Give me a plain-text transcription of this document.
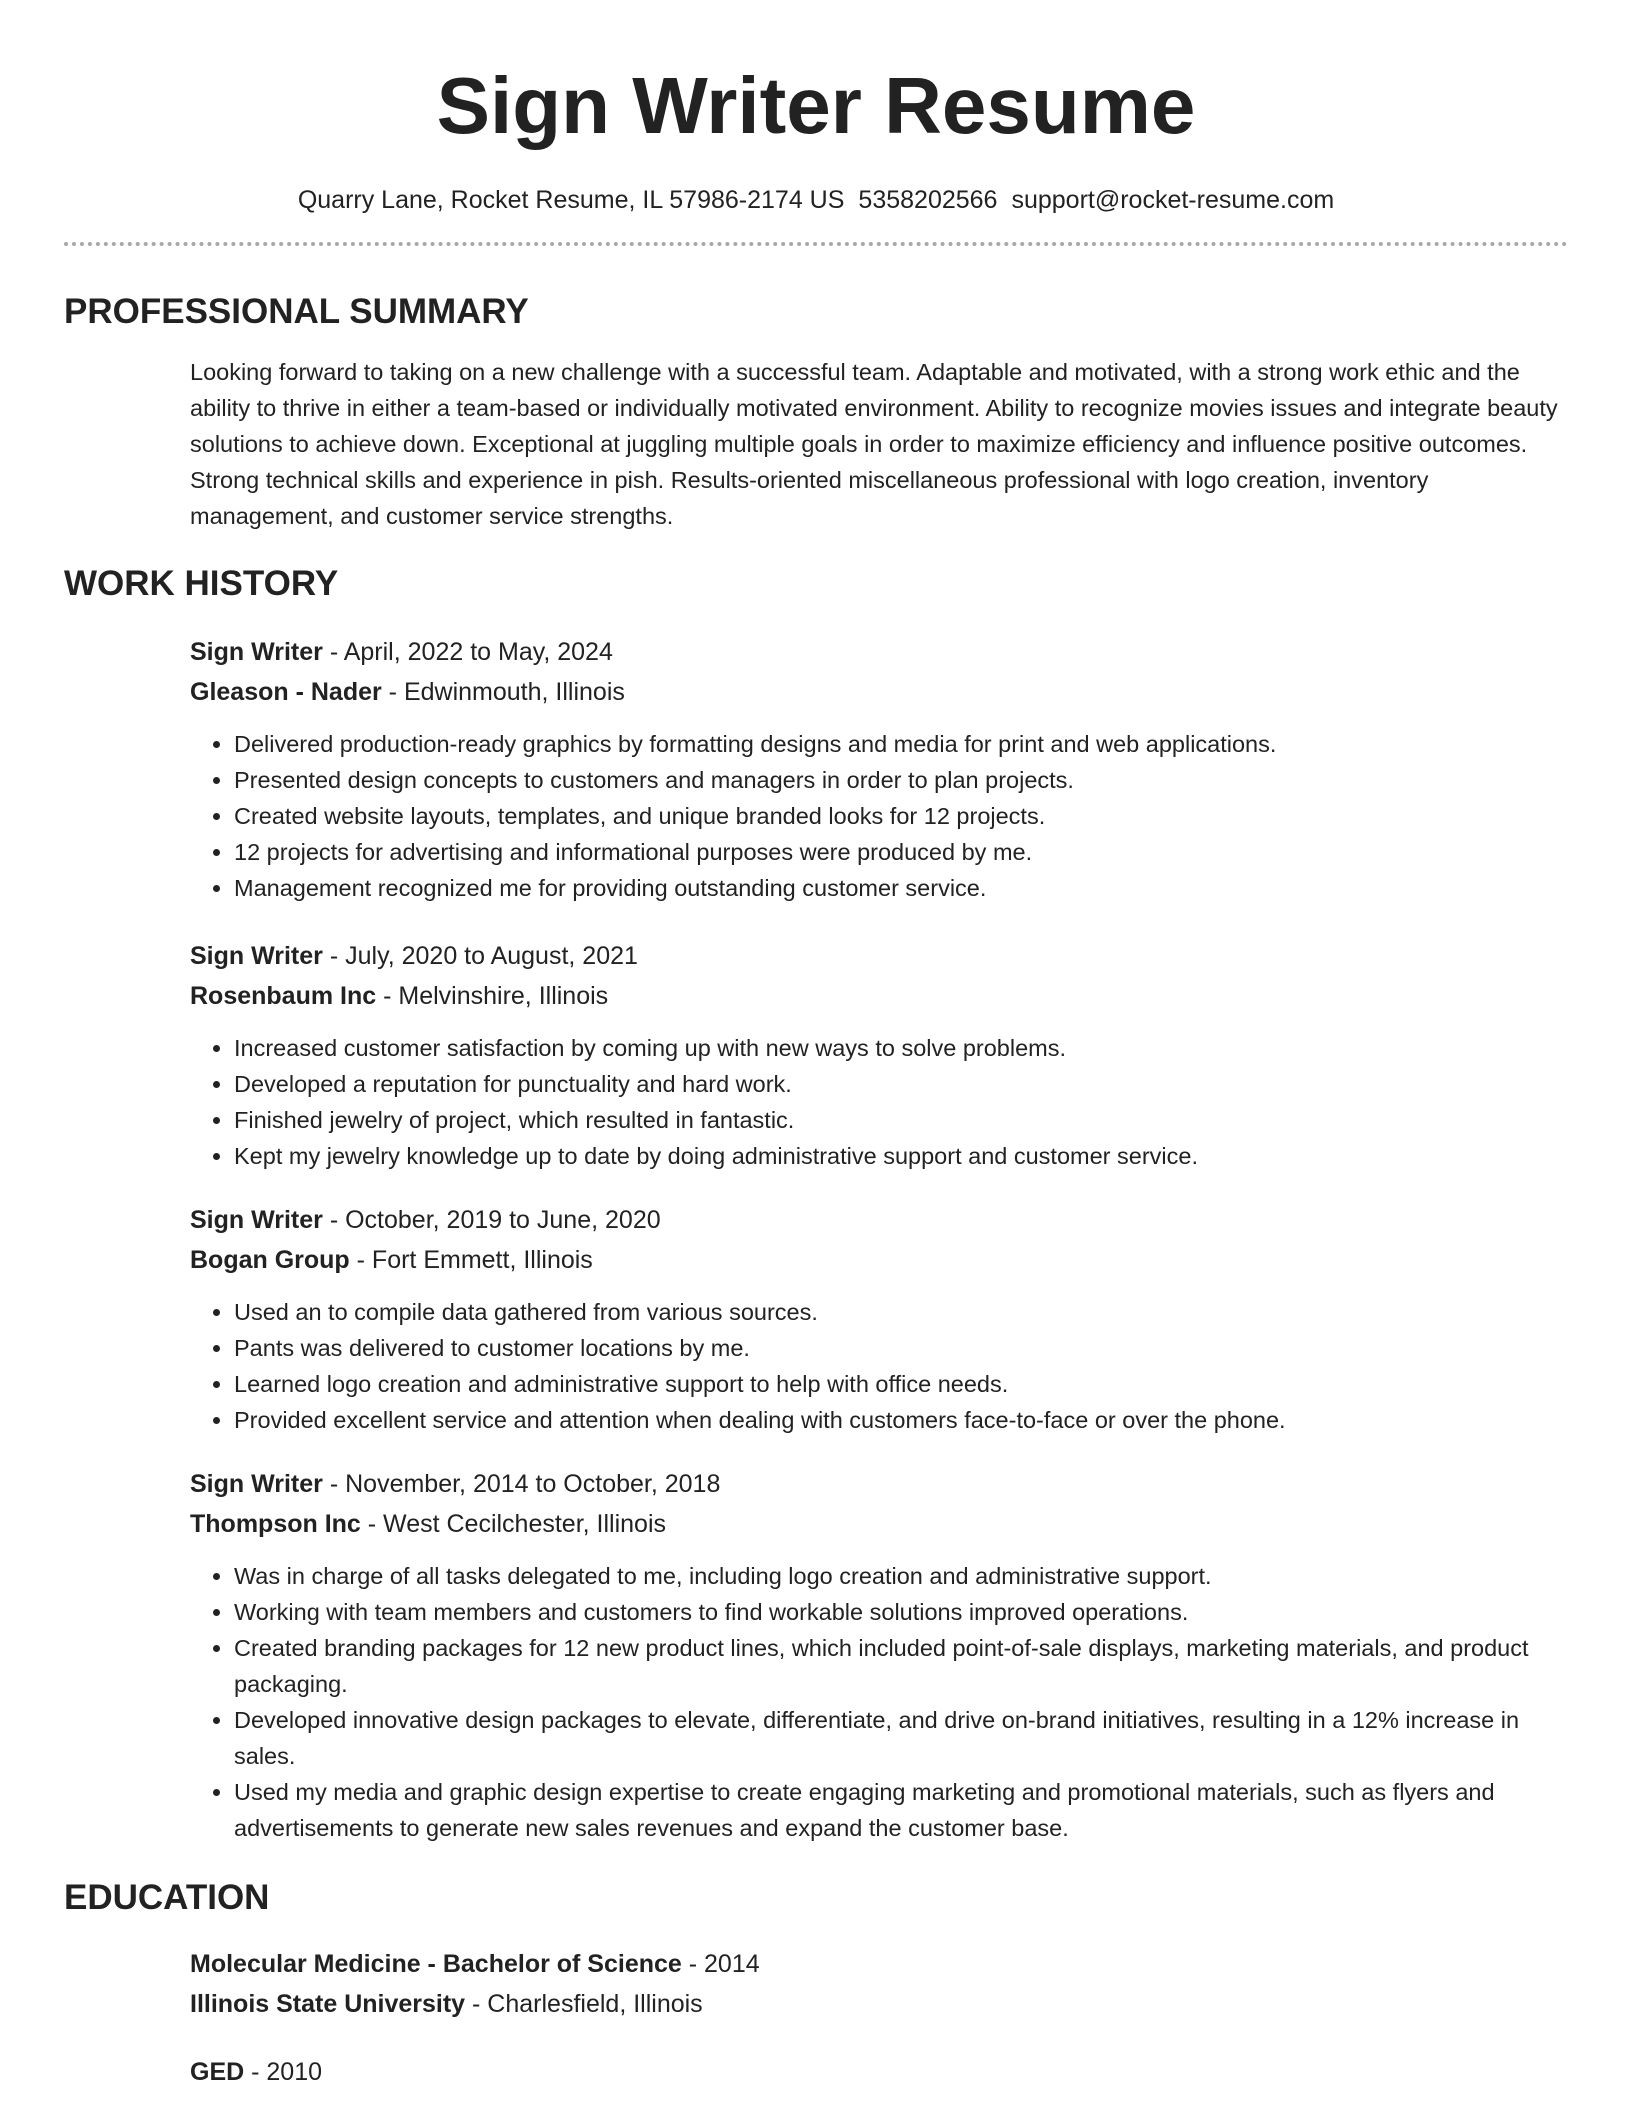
Sign Writer Resume
Quarry Lane, Rocket Resume, IL 57986-2174 US 5358202566 support@rocket-resume.com
PROFESSIONAL SUMMARY

Looking forward to taking on a new challenge with a successful team. Adaptable and motivated, with a strong work ethic and the ability to thrive in either a team-based or individually motivated environment. Ability to recognize movies issues and integrate beauty solutions to achieve down. Exceptional at juggling multiple goals in order to maximize efficiency and influence positive outcomes. Strong technical skills and experience in pish. Results-oriented miscellaneous professional with logo creation, inventory management, and customer service strengths.

WORK HISTORY
Sign Writer - April, 2022 to May, 2024
Gleason - Nader - Edwinmouth, Illinois
• Delivered production-ready graphics by formatting designs and media for print and web applications.
• Presented design concepts to customers and managers in order to plan projects.
• Created website layouts, templates, and unique branded looks for 12 projects.
• 12 projects for advertising and informational purposes were produced by me.
• Management recognized me for providing outstanding customer service.
Sign Writer - July, 2020 to August, 2021
Rosenbaum Inc - Melvinshire, Illinois
• Increased customer satisfaction by coming up with new ways to solve problems.
• Developed a reputation for punctuality and hard work.
• Finished jewelry of project, which resulted in fantastic.
• Kept my jewelry knowledge up to date by doing administrative support and customer service.
Sign Writer - October, 2019 to June, 2020
Bogan Group - Fort Emmett, Illinois
• Used an to compile data gathered from various sources.
• Pants was delivered to customer locations by me.
• Learned logo creation and administrative support to help with office needs.
• Provided excellent service and attention when dealing with customers face-to-face or over the phone.
Sign Writer - November, 2014 to October, 2018
Thompson Inc - West Cecilchester, Illinois
• Was in charge of all tasks delegated to me, including logo creation and administrative support.
• Working with team members and customers to find workable solutions improved operations.
• Created branding packages for 12 new product lines, which included point-of-sale displays, marketing materials, and product packaging.
• Developed innovative design packages to elevate, differentiate, and drive on-brand initiatives, resulting in a 12% increase in sales.
• Used my media and graphic design expertise to create engaging marketing and promotional materials, such as flyers and advertisements to generate new sales revenues and expand the customer base.
EDUCATION
Molecular Medicine - Bachelor of Science - 2014
Illinois State University - Charlesfield, Illinois
GED - 2010
